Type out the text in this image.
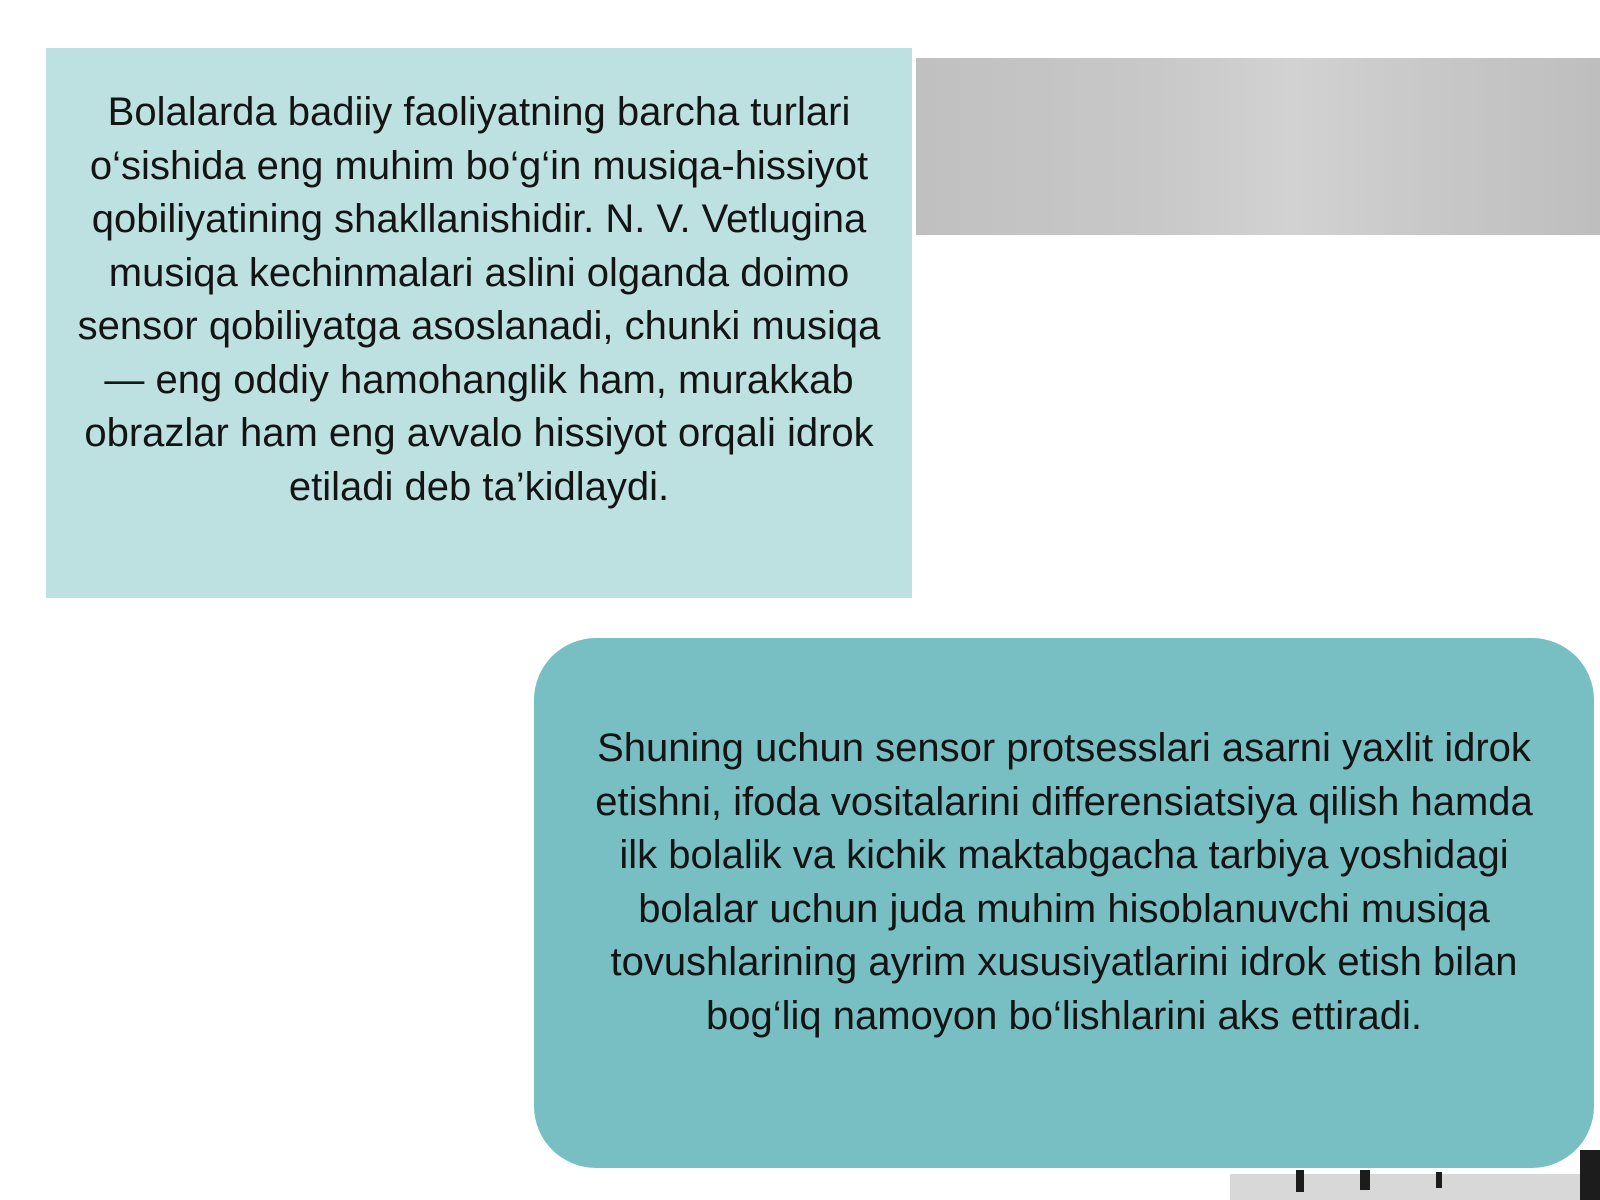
Bolalarda badiiy faoliyatning barcha turlari o‘sishida eng muhim bo‘g‘in musiqa-hissiyot qobiliyatining shakllanishidir. N. V. Vetlugina musiqa kechinmalari aslini olganda doimo sensor qobiliyatga asoslanadi, chunki musiqa — eng oddiy hamohanglik ham, murakkab obrazlar ham eng avvalo hissiyot orqali idrok etiladi deb ta’kidlaydi.

Shuning uchun sensor protsesslari asarni yaxlit idrok etishni, ifoda vositalarini differensiatsiya qilish hamda ilk bolalik va kichik maktabgacha tarbiya yoshidagi bolalar uchun juda muhim hisoblanuvchi musiqa tovushlarining ayrim xususiyatlarini idrok etish bilan bog‘liq namoyon bo‘lishlarini aks ettiradi.
